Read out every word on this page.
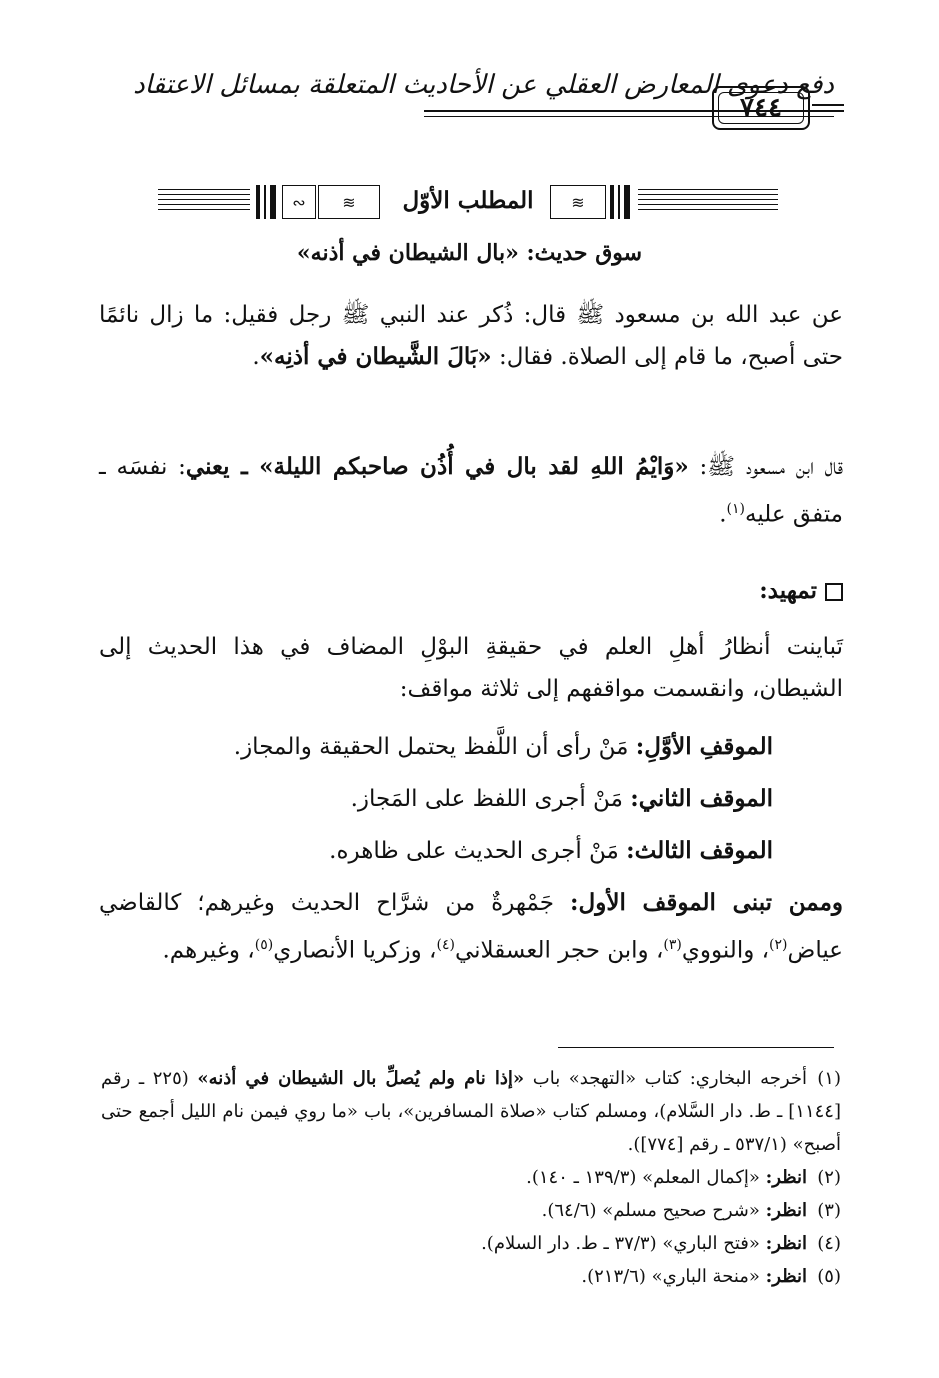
دفع دعوى المعارض العقلي عن الأحاديث المتعلقة بمسائل الاعتقاد
٧٤٤
∾	≋	المطلب الأوّل	≋
سوق حديث: «بال الشيطان في أذنه»
عن عبد الله بن مسعود ﷺ قال: ذُكر عند النبي ﷺ رجل فقيل: ما زال نائمًا حتى أصبح، ما قام إلى الصلاة. فقال: «بَالَ الشَّيطان في أذنِه».
قال ابن مسعود ﷺ: «وَايْمُ اللهِ لقد بال في أُذُن صاحبكم الليلة» ـ يعني: نفسَه ـ متفق عليه$^{(١)}$.
تمهيد:
تَباينت أنظارُ أهلِ العلم في حقيقةِ البوْلِ المضاف في هذا الحديث إلى الشيطان، وانقسمت مواقفهم إلى ثلاثة مواقف:
الموقفِ الأوَّلِ: مَنْ رأى أن اللَّفظ يحتمل الحقيقة والمجاز.
الموقف الثاني: مَنْ أجرى اللفظ على المَجاز.
الموقف الثالث: مَنْ أجرى الحديث على ظاهره.
وممن تبنى الموقف الأول: جَمْهرةٌ من شرَّاح الحديث وغيرهم؛ كالقاضي عياض$^{(٢)}$، والنووي$^{(٣)}$، وابن حجر العسقلاني$^{(٤)}$، وزكريا الأنصاري$^{(٥)}$، وغيرهم.

(١)أخرجه البخاري: كتاب «التهجد» باب «إذا نام ولم يُصلِّ بال الشيطان في أذنه» (٢٢٥ ـ رقم [١١٤٤] ـ ط. دار السَّلام)، ومسلم كتاب «صلاة المسافرين»، باب «ما روي فيمن نام الليل أجمع حتى أصبح» (٥٣٧/١ ـ رقم [٧٧٤]).

(٢)انظر: «إكمال المعلم» (١٣٩/٣ ـ ١٤٠).

(٣)انظر: «شرح صحيح مسلم» (٦٤/٦).

(٤)انظر: «فتح الباري» (٣٧/٣ ـ ط. دار السلام).

(٥)انظر: «منحة الباري» (٢١٣/٦).
